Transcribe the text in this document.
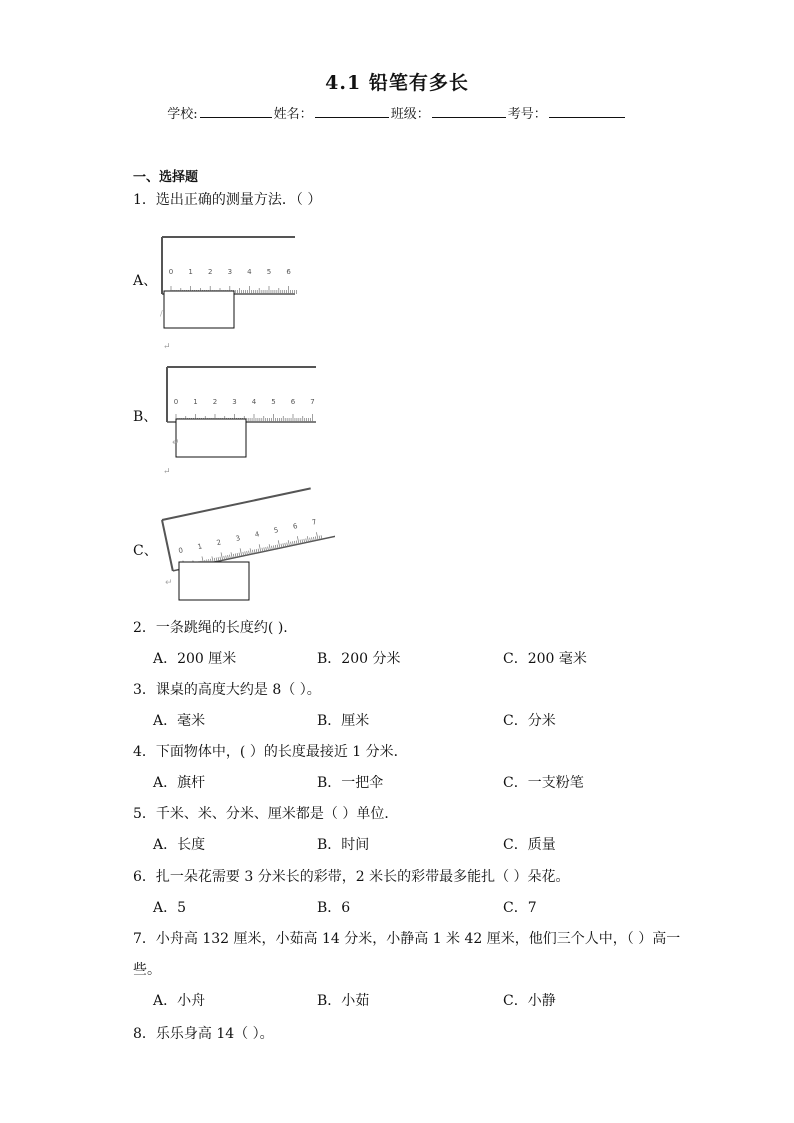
4.1 铅笔有多长
学校:	姓名：	班级：	考号：
一、选择题
1．选出正确的测量方法．（ ）
A、
0 1 2 3 4 5 6
/
↵
B、
0 1 2 3 4 5 6 7
↵
↵
C、	0 1 2 3 4 5 6 7
↵
2．一条跳绳的长度约( ).
A．200 厘米	B．200 分米	C．200 毫米
3．课桌的高度大约是 8（ ）。
A．毫米	B．厘米	C．分米
4．下面物体中，( ）的长度最接近 1 分米．
A．旗杆	B．一把伞	C．一支粉笔
5．千米、米、分米、厘米都是（ ）单位．
A．长度	B．时间	C．质量
6．扎一朵花需要 3 分米长的彩带，2 米长的彩带最多能扎（ ）朵花。
A．5	B．6	C．7
7．小舟高 132 厘米，小茹高 14 分米，小静高 1 米 42 厘米，他们三个人中，（ ）高一
些。
A．小舟	B．小茹	C．小静
8．乐乐身高 14（ ）。
